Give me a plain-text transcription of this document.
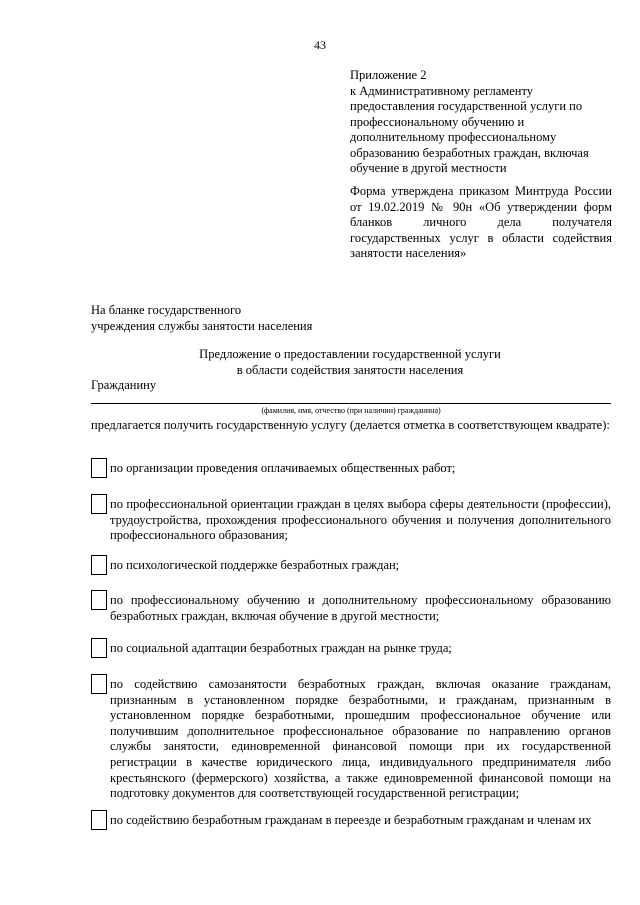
43
Приложение 2
к Административному регламенту
предоставления государственной услуги по
профессиональному обучению и
дополнительному профессиональному
образованию безработных граждан, включая
обучение в другой местности
Форма утверждена приказом Минтруда России от 19.02.2019 № 90н «Об утверждении форм бланков личного дела получателя государственных услуг в области содействия занятости населения»
На бланке государственного
учреждения службы занятости населения
Предложение о предоставлении государственной услуги
в области содействия занятости населения
Гражданину
(фамилия, имя, отчество (при наличии) гражданина)
предлагается получить государственную услугу (делается отметка в соответствующем квадрате):
по организации проведения оплачиваемых общественных работ;
по профессиональной ориентации граждан в целях выбора сферы деятельности (профессии), трудоустройства, прохождения профессионального обучения и получения дополнительного профессионального образования;
по психологической поддержке безработных граждан;
по профессиональному обучению и дополнительному профессиональному образованию безработных граждан, включая обучение в другой местности;
по социальной адаптации безработных граждан на рынке труда;
по содействию самозанятости безработных граждан, включая оказание гражданам, признанным в установленном порядке безработными, и гражданам, признанным в установленном порядке безработными, прошедшим профессиональное обучение или получившим дополнительное профессиональное образование по направлению органов службы занятости, единовременной финансовой помощи при их государственной регистрации в качестве юридического лица, индивидуального предпринимателя либо крестьянского (фермерского) хозяйства, а также единовременной финансовой помощи на подготовку документов для соответствующей государственной регистрации;
по содействию безработным гражданам в переезде и безработным гражданам и членам их
